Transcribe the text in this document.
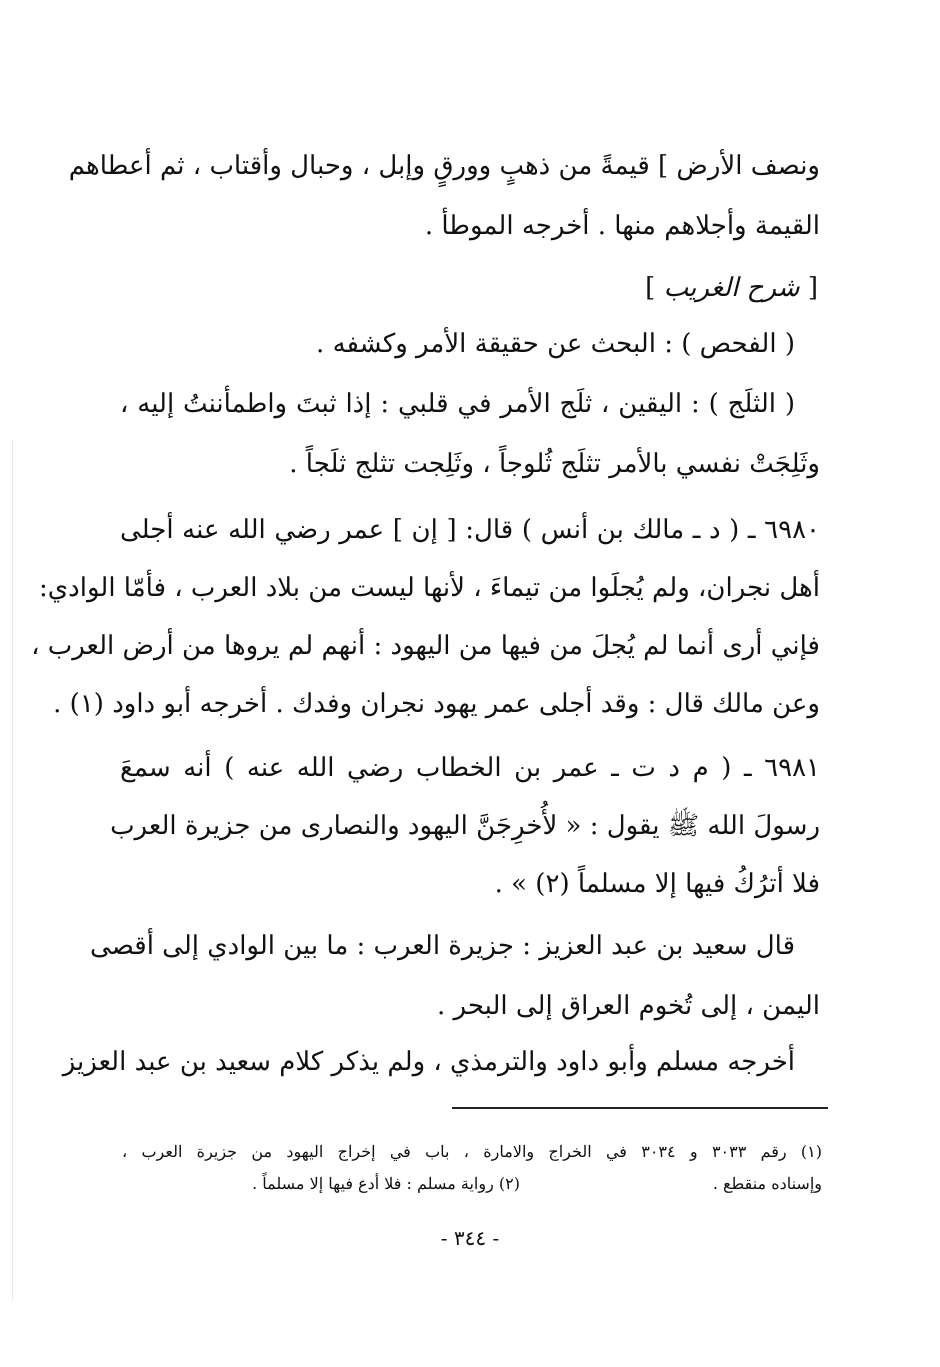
ونصف الأرض ] قيمةً من ذهبٍ وورقٍ وإبل ، وحبال وأقتاب ، ثم أعطاهم
القيمة وأجلاهم منها . أخرجه الموطأ .
[ شرح الغريب ]
( الفحص ) : البحث عن حقيقة الأمر وكشفه .
( الثلَج ) : اليقين ، ثلَج الأمر في قلبي : إذا ثبتَ واطمأننتُ إليه ،
وثَلِجَتْ نفسي بالأمر تثلَج ثُلوجاً ، وثَلِجت تثلج ثلَجاً .
٦٩٨٠ ـ ( د ـ مالك بن أنس ) قال: [ إن ] عمر رضي الله عنه أجلى
أهل نجران، ولم يُجلَوا من تيماءَ ، لأنها ليست من بلاد العرب ، فأمّا الوادي:
فإني أرى أنما لم يُجلَ من فيها من اليهود : أنهم لم يروها من أرض العرب ،
وعن مالك قال : وقد أجلى عمر يهود نجران وفدك . أخرجه أبو داود (١) .
٦٩٨١ ـ ( م د ت ـ عمر بن الخطاب رضي الله عنه ) أنه سمعَ
رسولَ الله ﷺ يقول : « لأُخرِجَنَّ اليهود والنصارى من جزيرة العرب
فلا أترُكُ فيها إلا مسلماً (٢) » .
قال سعيد بن عبد العزيز : جزيرة العرب : ما بين الوادي إلى أقصى
اليمن ، إلى تُخوم العراق إلى البحر .
أخرجه مسلم وأبو داود والترمذي ، ولم يذكر كلام سعيد بن عبد العزيز
(١) رقم ٣٠٣٣ و ٣٠٣٤ في الخراج والامارة ، باب في إخراج اليهود من جزيرة العرب ،
وإسناده منقطع .
(٢) رواية مسلم : فلا أدع فيها إلا مسلماً .
- ٣٤٤ -
